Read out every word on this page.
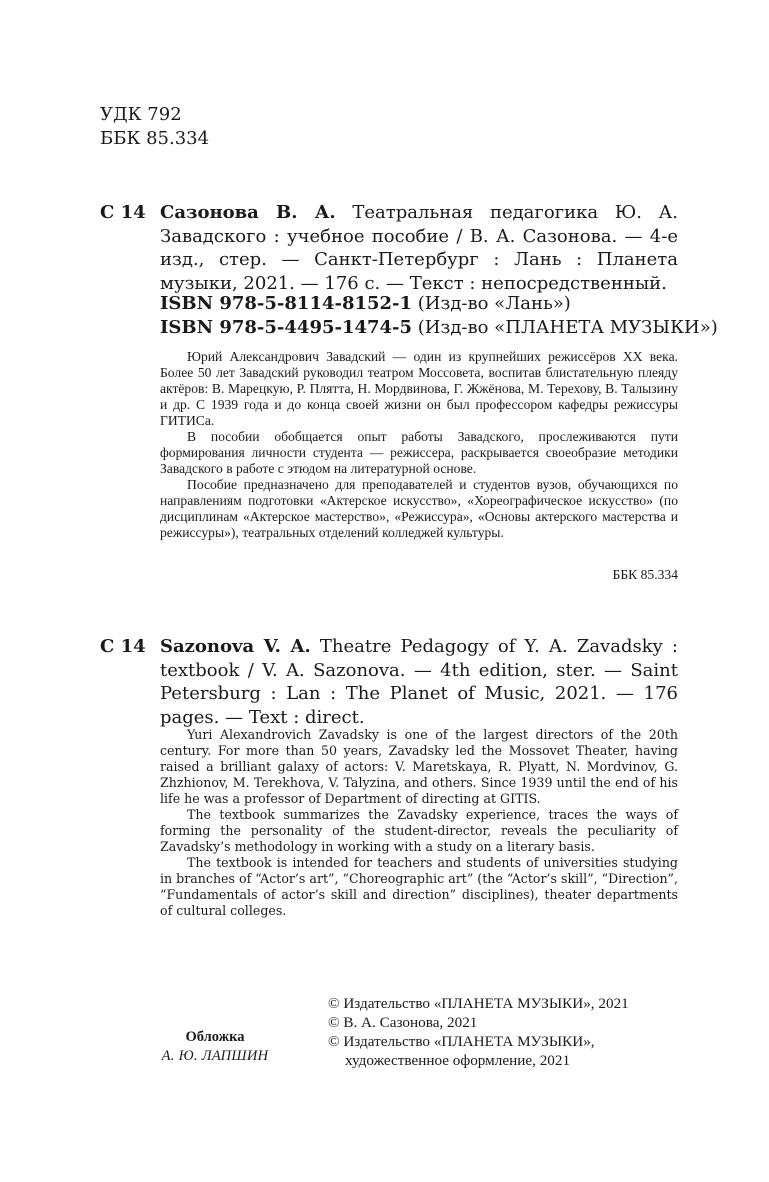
УДК 792
ББК 85.334
С 14 Сазонова В. А. Театральная педагогика Ю. А. Завадского : учебное пособие / В. А. Сазонова. — 4-е изд., стер. — Санкт-Петербург : Лань : Планета музыки, 2021. — 176 с. — Текст : непосредственный.
ISBN 978-5-8114-8152-1 (Изд-во «Лань»)
ISBN 978-5-4495-1474-5 (Изд-во «ПЛАНЕТА МУЗЫКИ»)

Юрий Александрович Завадский — один из крупнейших режиссёров XX века. Более 50 лет Завадский руководил театром Моссовета, воспитав блистательную плеяду актёров: В. Марецкую, Р. Плятта, Н. Мордвинова, Г. Жжёнова, М. Терехову, В. Талызину и др. С 1939 года и до конца своей жизни он был профессором кафедры режиссуры ГИТИСа.

В пособии обобщается опыт работы Завадского, прослеживаются пути формирования личности студента — режиссера, раскрывается своеобразие методики Завадского в работе с этюдом на литературной основе.

Пособие предназначено для преподавателей и студентов вузов, обучающихся по направлениям подготовки «Актерское искусство», «Хореографическое искусство» (по дисциплинам «Актерское мастерство», «Режиссура», «Основы актерского мастерства и режиссуры»), театральных отделений колледжей культуры.

ББК 85.334
С 14 Sazonova V. A. Theatre Pedagogy of Y. A. Zavadsky : textbook / V. A. Sazonova. — 4th edition, ster. — Saint Petersburg : Lan : The Planet of Music, 2021. — 176 pages. — Text : direct.

Yuri Alexandrovich Zavadsky is one of the largest directors of the 20th century. For more than 50 years, Zavadsky led the Mossovet Theater, having raised a brilliant galaxy of actors: V. Maretskaya, R. Plyatt, N. Mordvinov, G. Zhzhionov, M. Terekhova, V. Talyzina, and others. Since 1939 until the end of his life he was a professor of Department of directing at GITIS.

The textbook summarizes the Zavadsky experience, traces the ways of forming the personality of the student-director, reveals the peculiarity of Zavadsky’s methodology in working with a study on a literary basis.

The textbook is intended for teachers and students of universities studying in branches of “Actor’s art”, “Choreographic art” (the “Actor’s skill”, “Direction”, “Fundamentals of actor’s skill and direction” disciplines), theater departments of cultural colleges.

Обложка
А. Ю. ЛАПШИН
© Издательство «ПЛАНЕТА МУЗЫКИ», 2021
© В. А. Сазонова, 2021
© Издательство «ПЛАНЕТА МУЗЫКИ», художественное оформление, 2021
